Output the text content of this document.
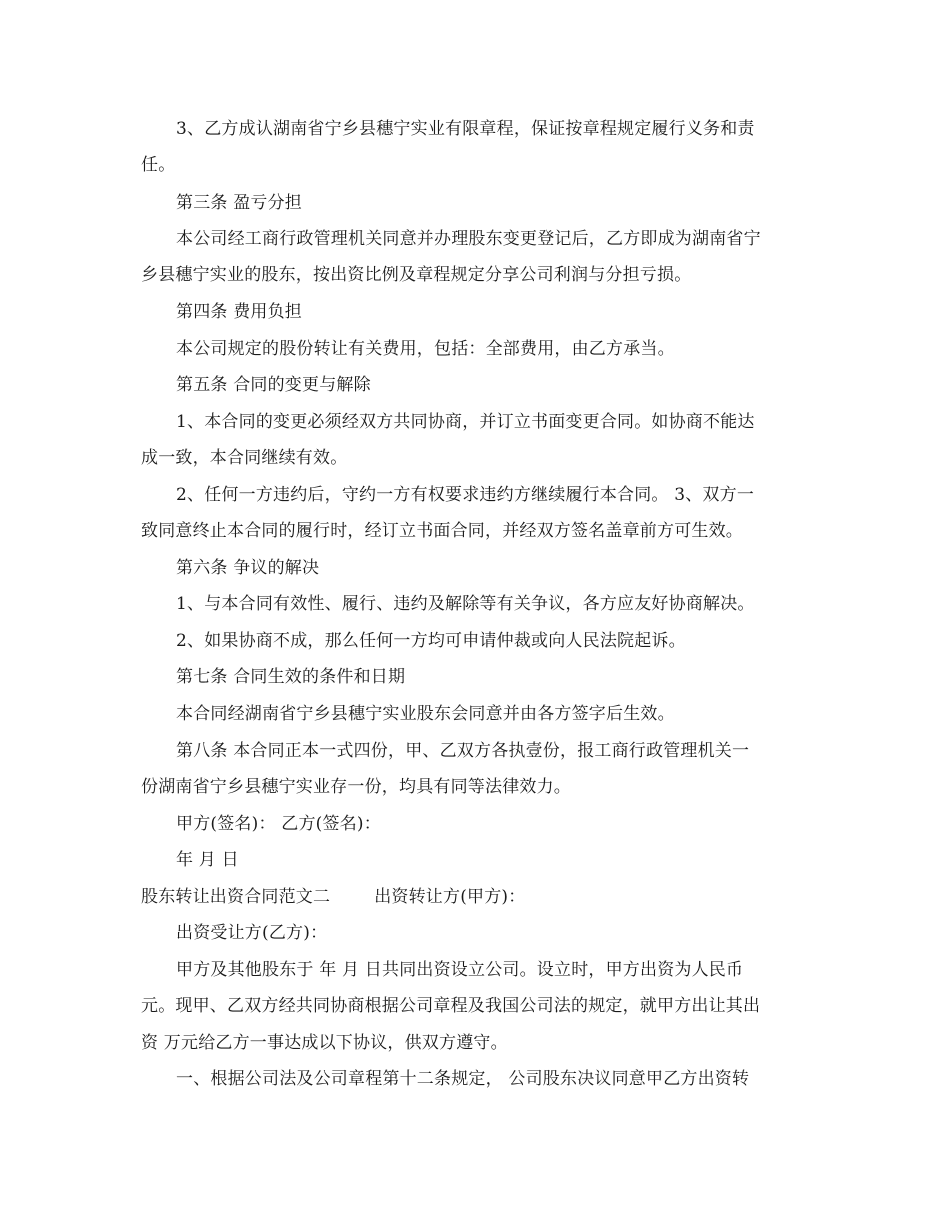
3、乙方成认湖南省宁乡县穗宁实业有限章程，保证按章程规定履行义务和责
任。
第三条 盈亏分担
本公司经工商行政管理机关同意并办理股东变更登记后，乙方即成为湖南省宁
乡县穗宁实业的股东，按出资比例及章程规定分享公司利润与分担亏损。
第四条 费用负担
本公司规定的股份转让有关费用，包括：全部费用，由乙方承当。
第五条 合同的变更与解除
1、本合同的变更必须经双方共同协商，并订立书面变更合同。如协商不能达
成一致，本合同继续有效。
2、任何一方违约后，守约一方有权要求违约方继续履行本合同。 3、双方一
致同意终止本合同的履行时，经订立书面合同，并经双方签名盖章前方可生效。
第六条 争议的解决
1、与本合同有效性、履行、违约及解除等有关争议，各方应友好协商解决。
2、如果协商不成，那么任何一方均可申请仲裁或向人民法院起诉。
第七条 合同生效的条件和日期
本合同经湖南省宁乡县穗宁实业股东会同意并由各方签字后生效。
第八条 本合同正本一式四份，甲、乙双方各执壹份，报工商行政管理机关一
份湖南省宁乡县穗宁实业存一份，均具有同等法律效力。
甲方(签名)： 乙方(签名)：
年 月 日
股东转让出资合同范文二	出资转让方(甲方)：
出资受让方(乙方)：
甲方及其他股东于 年 月 日共同出资设立公司。设立时，甲方出资为人民币
元。现甲、乙双方经共同协商根据公司章程及我国公司法的规定，就甲方出让其出
资 万元给乙方一事达成以下协议，供双方遵守。
一、根据公司法及公司章程第十二条规定， 公司股东决议同意甲乙方出资转
